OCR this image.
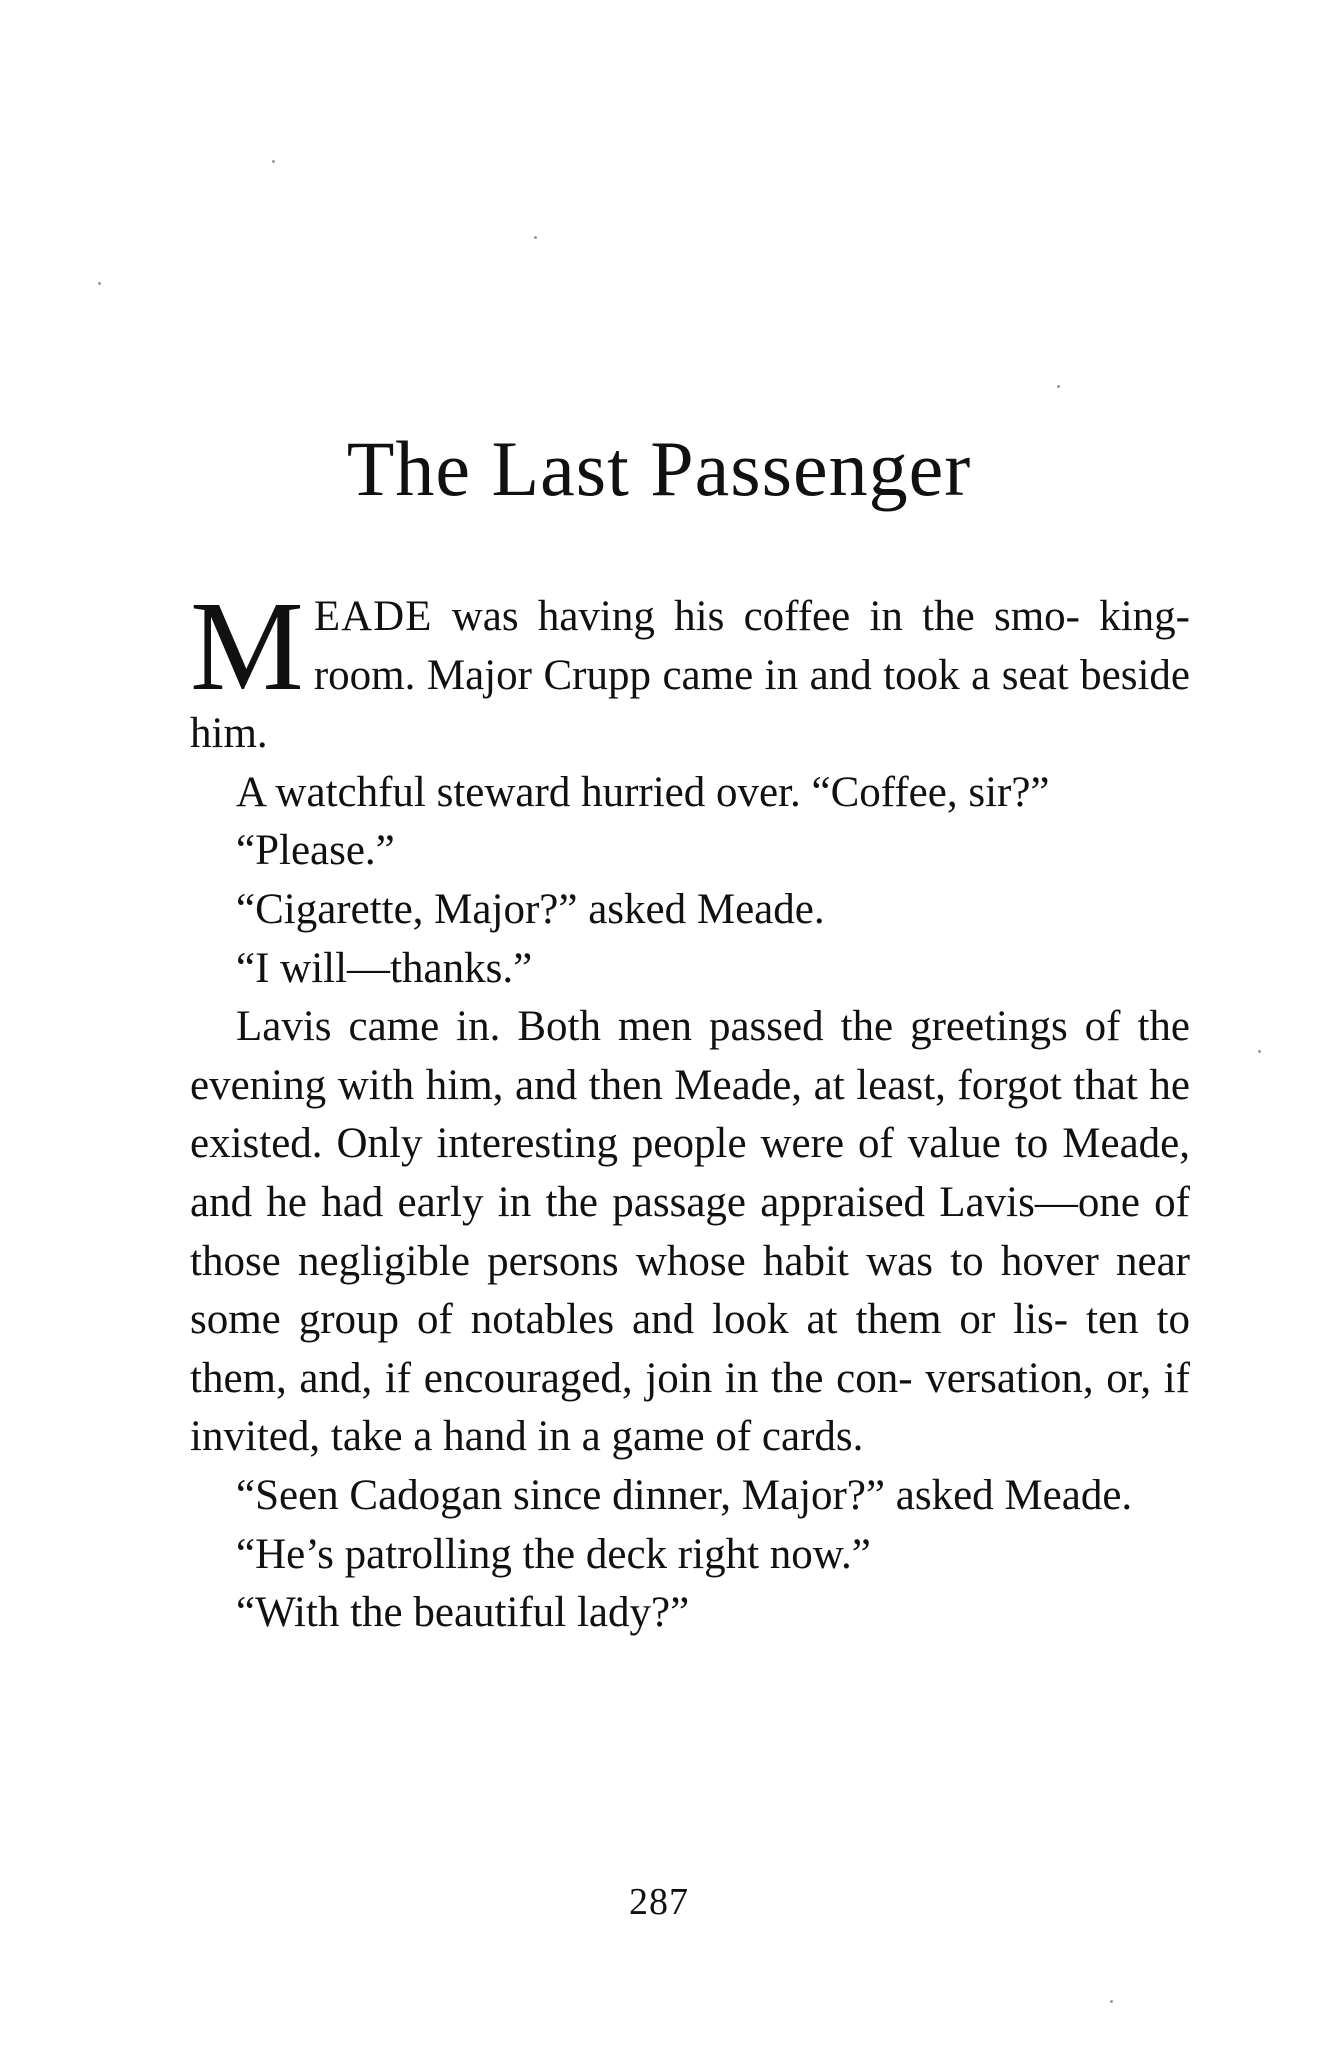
The Last Passenger

MEADE was having his coffee in the smo- king-room. Major Crupp came in and took a seat beside him.

A watchful steward hurried over. “Coffee, sir?”

“Please.”

“Cigarette, Major?” asked Meade.

“I will—thanks.”

Lavis came in. Both men passed the greetings of the evening with him, and then Meade, at least, forgot that he existed. Only interesting people were of value to Meade, and he had early in the passage appraised Lavis—one of those negligible persons whose habit was to hover near some group of notables and look at them or lis- ten to them, and, if encouraged, join in the con- versation, or, if invited, take a hand in a game of cards.

“Seen Cadogan since dinner, Major?” asked Meade.

“He’s patrolling the deck right now.”

“With the beautiful lady?”

287
